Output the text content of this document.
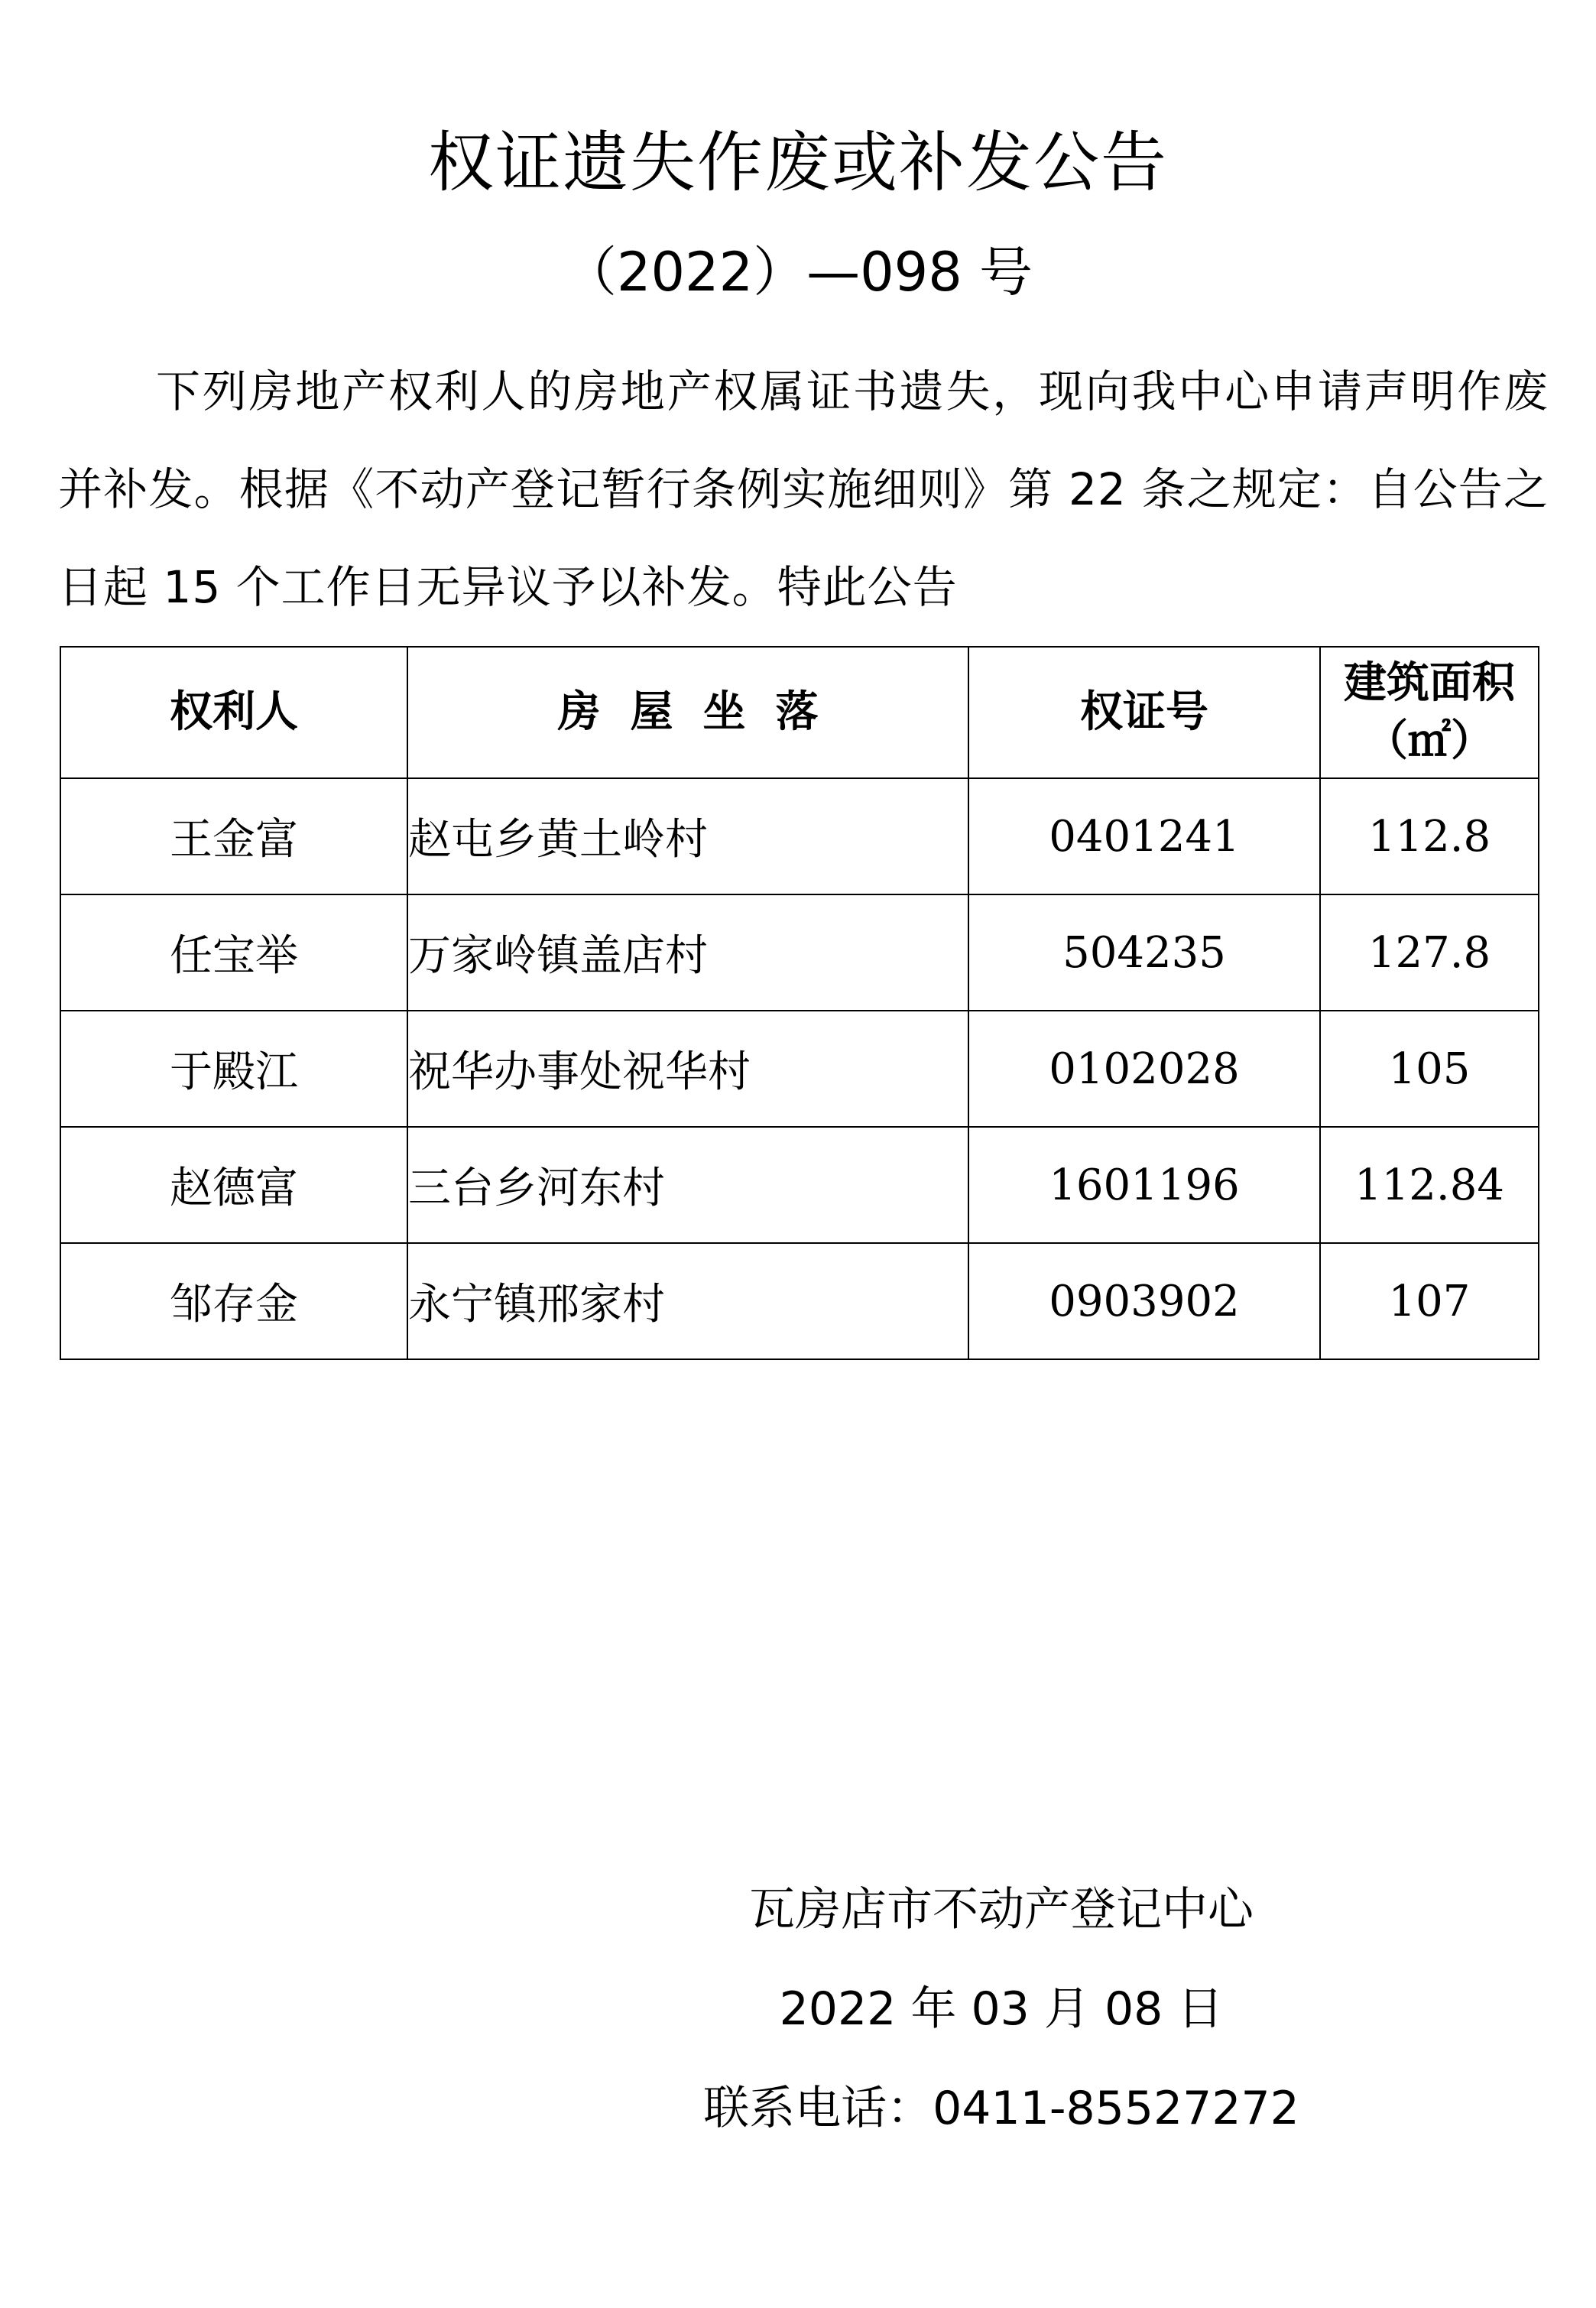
权证遗失作废或补发公告
（2022）—098 号
下列房地产权利人的房地产权属证书遗失，现向我中心申请声明作废并补发。根据《不动产登记暂行条例实施细则》第 22 条之规定：自公告之日起 15 个工作日无异议予以补发。特此公告
权利人	房  屋  坐  落	权证号	建筑面积
（㎡）

王金富	赵屯乡黄土岭村	0401241	112.8
任宝举	万家岭镇盖店村	504235	127.8
于殿江	祝华办事处祝华村	0102028	105
赵德富	三台乡河东村	1601196	112.84
邹存金	永宁镇邢家村	0903902	107
瓦房店市不动产登记中心
2022 年 03 月 08 日
联系电话：0411-85527272
